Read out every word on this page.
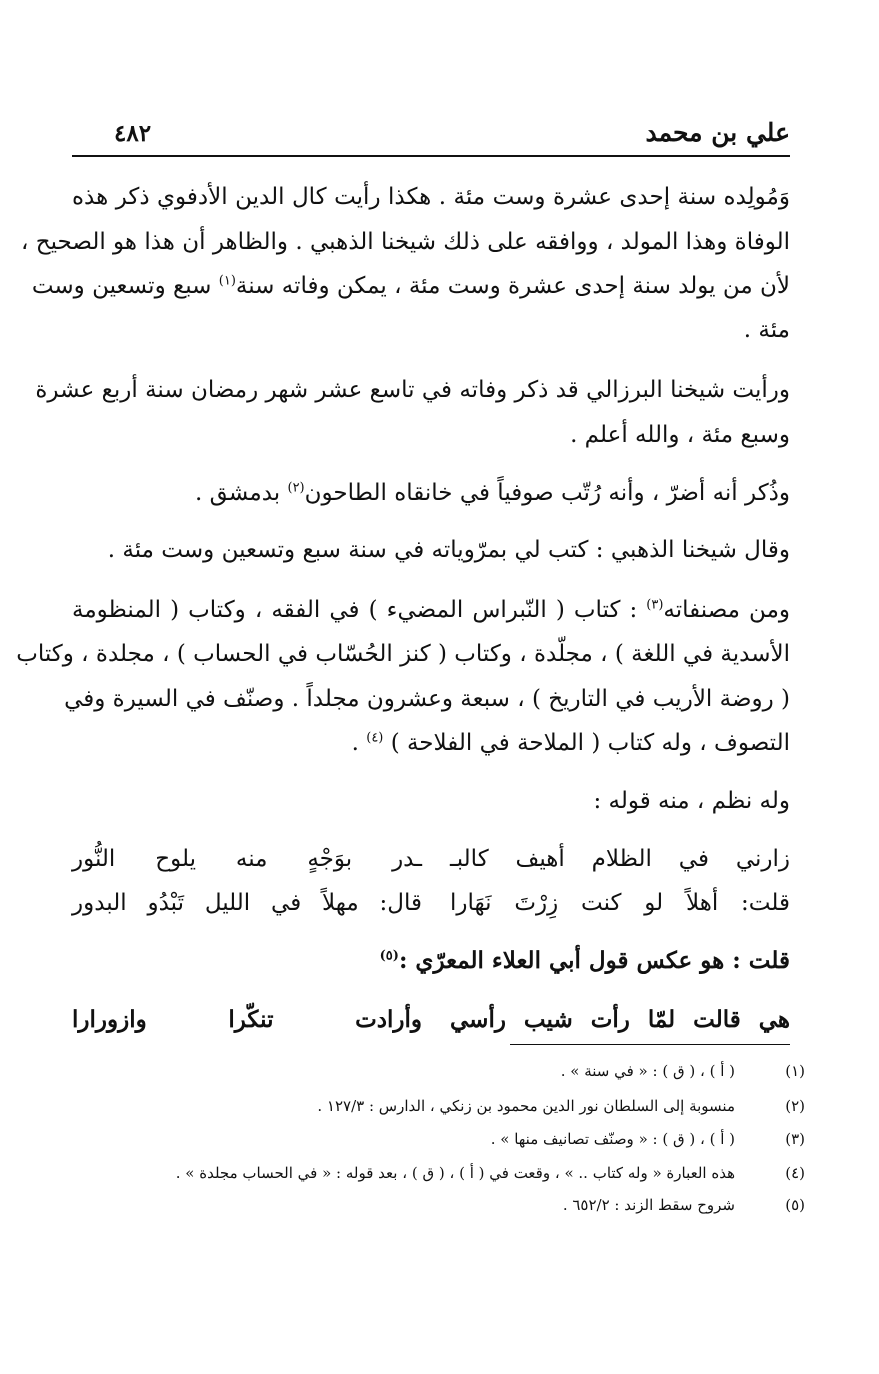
علي بن محمد
٤٨٢
وَمُولِده سنة إحدى عشرة وست مئة . هكذا رأيت كال الدين الأدفوي ذكر هذه
الوفاة وهذا المولد ، ووافقه على ذلك شيخنا الذهبي . والظاهر أن هذا هو الصحيح ،
لأن من يولد سنة إحدى عشرة وست مئة ، يمكن وفاته سنة$^{(١)}$ سبع وتسعين وست
مئة .
ورأيت شيخنا البرزالي قد ذكر وفاته في تاسع عشر شهر رمضان سنة أربع عشرة
وسبع مئة ، والله أعلم .
وذُكر أنه أضرّ ، وأنه رُتّب صوفياً في خانقاه الطاحون$^{(٢)}$ بدمشق .
وقال شيخنا الذهبي : كتب لي بمرّوياته في سنة سبع وتسعين وست مئة .
ومن مصنفاته$^{(٣)}$ : كتاب ( النّبراس المضيء ) في الفقه ، وكتاب ( المنظومة
الأسدية في اللغة ) ، مجلّدة ، وكتاب ( كنز الحُسّاب في الحساب ) ، مجلدة ، وكتاب
( روضة الأريب في التاريخ ) ، سبعة وعشرون مجلداً . وصنّف في السيرة وفي
التصوف ، وله كتاب ( الملاحة في الفلاحة ) $^{(٤)}$ .
وله نظم ، منه قوله :
زارني في الظلام أهيف كالبـ
ـدر بوَجْهٍ منه يلوح النُّور
قلت: أهلاً لو كنت زِرْتَ نَهَارا
قال: مهلاً في الليل تَبْدُو البدور
قلت : هو عكس قول أبي العلاء المعرّي :$^{(٥)}$
هي قالت لمّا رأت شيب رأسي
وأرادت تنكّرا وازورارا
(١)
( أ ) ، ( ق ) : « في سنة » .
(٢)
منسوبة إلى السلطان نور الدين محمود بن زنكي ، الدارس : ١٢٧/٣ .
(٣)
( أ ) ، ( ق ) : « وصنّف تصانيف منها » .
(٤)
هذه العبارة « وله كتاب .. » ، وقعت في ( أ ) ، ( ق ) ، بعد قوله : « في الحساب مجلدة » .
(٥)
شروح سقط الزند : ٦٥٢/٢ .
